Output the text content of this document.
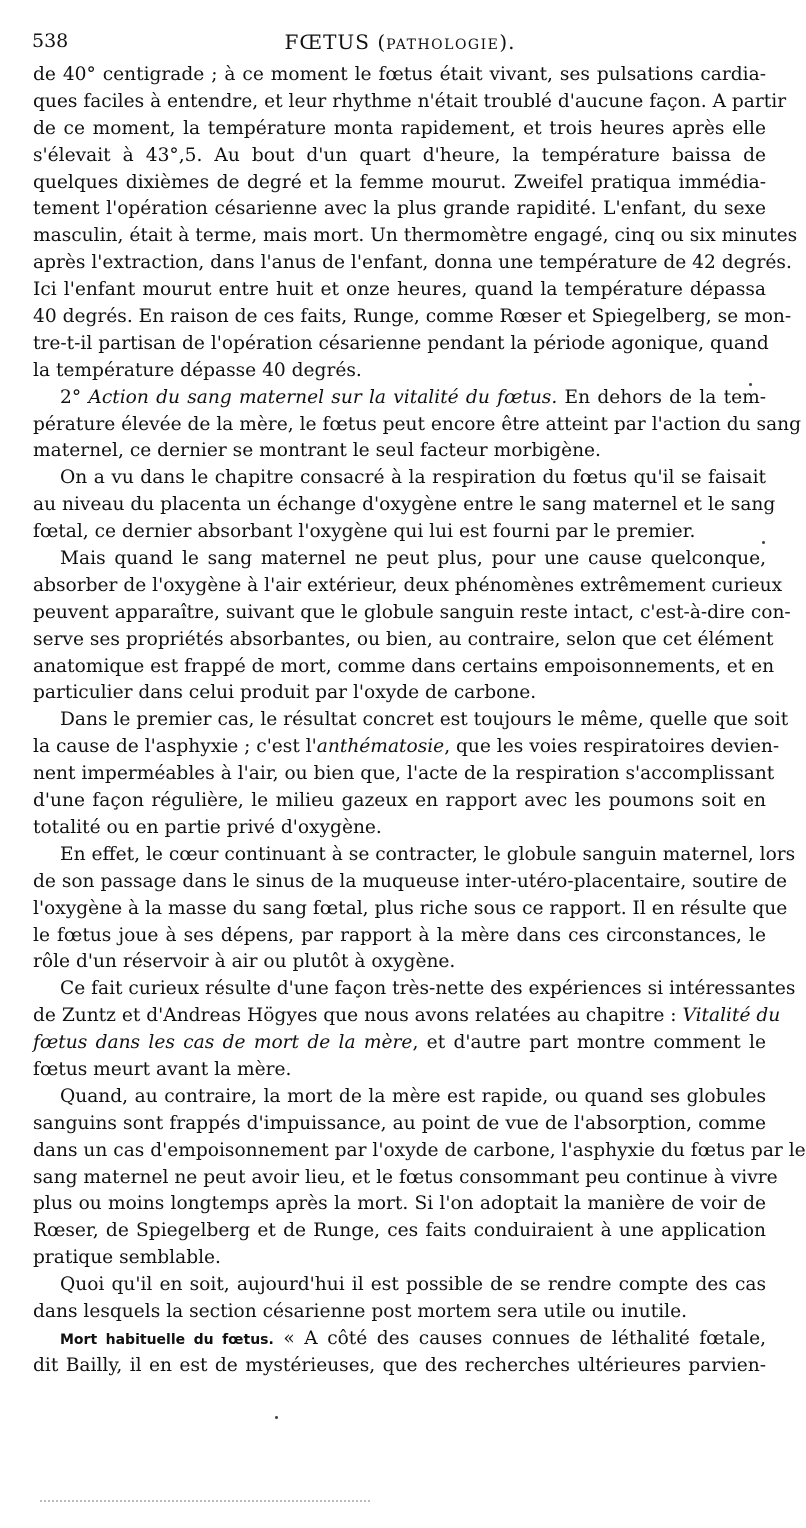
538	FŒTUS (PATHOLOGIE).
de 40° centigrade ; à ce moment le fœtus était vivant, ses pulsations cardia-
ques faciles à entendre, et leur rhythme n'était troublé d'aucune façon. A partir
de ce moment, la température monta rapidement, et trois heures après elle
s'élevait à 43°,5. Au bout d'un quart d'heure, la température baissa de
quelques dixièmes de degré et la femme mourut. Zweifel pratiqua immédia-
tement l'opération césarienne avec la plus grande rapidité. L'enfant, du sexe
masculin, était à terme, mais mort. Un thermomètre engagé, cinq ou six minutes
après l'extraction, dans l'anus de l'enfant, donna une température de 42 degrés.
Ici l'enfant mourut entre huit et onze heures, quand la température dépassa
40 degrés. En raison de ces faits, Runge, comme Rœser et Spiegelberg, se mon-
tre-t-il partisan de l'opération césarienne pendant la période agonique, quand
la température dépasse 40 degrés.
2° Action du sang maternel sur la vitalité du fœtus. En dehors de la tem-
pérature élevée de la mère, le fœtus peut encore être atteint par l'action du sang
maternel, ce dernier se montrant le seul facteur morbigène.
On a vu dans le chapitre consacré à la respiration du fœtus qu'il se faisait
au niveau du placenta un échange d'oxygène entre le sang maternel et le sang
fœtal, ce dernier absorbant l'oxygène qui lui est fourni par le premier.
Mais quand le sang maternel ne peut plus, pour une cause quelconque,
absorber de l'oxygène à l'air extérieur, deux phénomènes extrêmement curieux
peuvent apparaître, suivant que le globule sanguin reste intact, c'est-à-dire con-
serve ses propriétés absorbantes, ou bien, au contraire, selon que cet élément
anatomique est frappé de mort, comme dans certains empoisonnements, et en
particulier dans celui produit par l'oxyde de carbone.
Dans le premier cas, le résultat concret est toujours le même, quelle que soit
la cause de l'asphyxie ; c'est l'anthématosie, que les voies respiratoires devien-
nent imperméables à l'air, ou bien que, l'acte de la respiration s'accomplissant
d'une façon régulière, le milieu gazeux en rapport avec les poumons soit en
totalité ou en partie privé d'oxygène.
En effet, le cœur continuant à se contracter, le globule sanguin maternel, lors
de son passage dans le sinus de la muqueuse inter-utéro-placentaire, soutire de
l'oxygène à la masse du sang fœtal, plus riche sous ce rapport. Il en résulte que
le fœtus joue à ses dépens, par rapport à la mère dans ces circonstances, le
rôle d'un réservoir à air ou plutôt à oxygène.
Ce fait curieux résulte d'une façon très-nette des expériences si intéressantes
de Zuntz et d'Andreas Högyes que nous avons relatées au chapitre : Vitalité du
fœtus dans les cas de mort de la mère, et d'autre part montre comment le
fœtus meurt avant la mère.
Quand, au contraire, la mort de la mère est rapide, ou quand ses globules
sanguins sont frappés d'impuissance, au point de vue de l'absorption, comme
dans un cas d'empoisonnement par l'oxyde de carbone, l'asphyxie du fœtus par le
sang maternel ne peut avoir lieu, et le fœtus consommant peu continue à vivre
plus ou moins longtemps après la mort. Si l'on adoptait la manière de voir de
Rœser, de Spiegelberg et de Runge, ces faits conduiraient à une application
pratique semblable.
Quoi qu'il en soit, aujourd'hui il est possible de se rendre compte des cas
dans lesquels la section césarienne post mortem sera utile ou inutile.
Mort habituelle du fœtus. « A côté des causes connues de léthalité fœtale,
dit Bailly, il en est de mystérieuses, que des recherches ultérieures parvien-
